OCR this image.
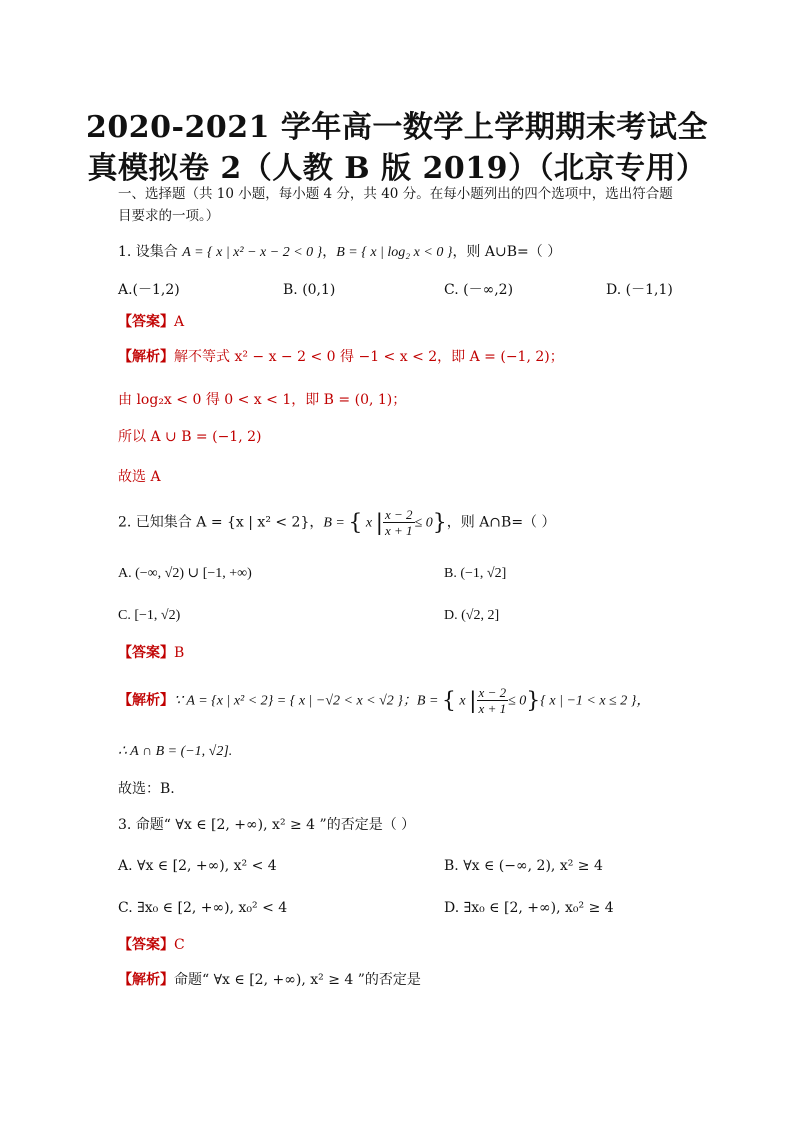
2020-2021 学年高一数学上学期期末考试全
真模拟卷 2（人教 B 版 2019）（北京专用）
一、选择题（共 10 小题，每小题 4 分，共 40 分。在每小题列出的四个选项中，选出符合题
目要求的一项。）
1. 设集合 A = { x | x² − x − 2 < 0 }，B = { x | log₂ x < 0 }，则 A∪B=（ ）
A.(－1,2)	B. (0,1)	C. (－∞,2)	D. (－1,1)
【答案】A
【解析】解不等式 x² − x − 2 < 0 得 −1 < x < 2，即 A = (−1, 2)；
由 log₂x < 0 得 0 < x < 1，即 B = (0, 1)；
所以 A ∪ B = (−1, 2)
故选 A
2. 已知集合 A = {x | x² < 2}，B = { x | $\frac{x - 2}{x + 1} \le 0$}，则 A∩B=（ ）
A. (−∞, √2) ∪ [−1, +∞)	B. (−1, √2]
C. [−1, √2)	D. (√2, 2]
【答案】B
【解析】∵ A = {x | x² < 2} = { x | −√2 < x < √2 }；B = { x | $\frac{x - 2}{x + 1} \le 0$}{ x | −1 < x ≤ 2 }，
∴ A ∩ B = (−1, √2].
故选：B.
3. 命题“ ∀x ∈ [2, +∞), x² ≥ 4 ”的否定是（ ）
A. ∀x ∈ [2, +∞), x² < 4	B. ∀x ∈ (−∞, 2), x² ≥ 4
C. ∃x₀ ∈ [2, +∞), x₀² < 4	D. ∃x₀ ∈ [2, +∞), x₀² ≥ 4
【答案】C
【解析】命题“ ∀x ∈ [2, +∞), x² ≥ 4 ”的否定是
